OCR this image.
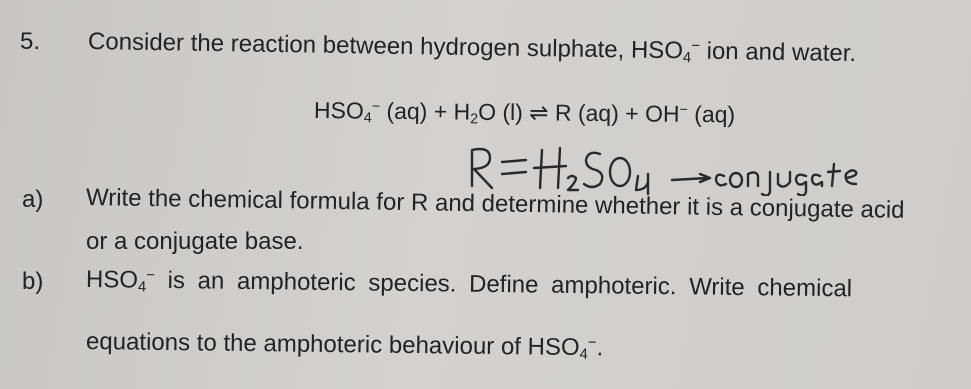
5. Consider the reaction between hydrogen sulphate, $HSO_4^-$ ion and water.
$HSO_4^-$ $(aq) + H_2O$ (l) ⇌ R (aq) + OH− (aq)
a) Write the chemical formula for R and determine whether it is a conjugate acid
or a conjugate base.
b) $HSO_4^-$ is an amphoteric species. Define amphoteric. Write chemical
equations to the amphoteric behaviour of $HSO_4^-$.
